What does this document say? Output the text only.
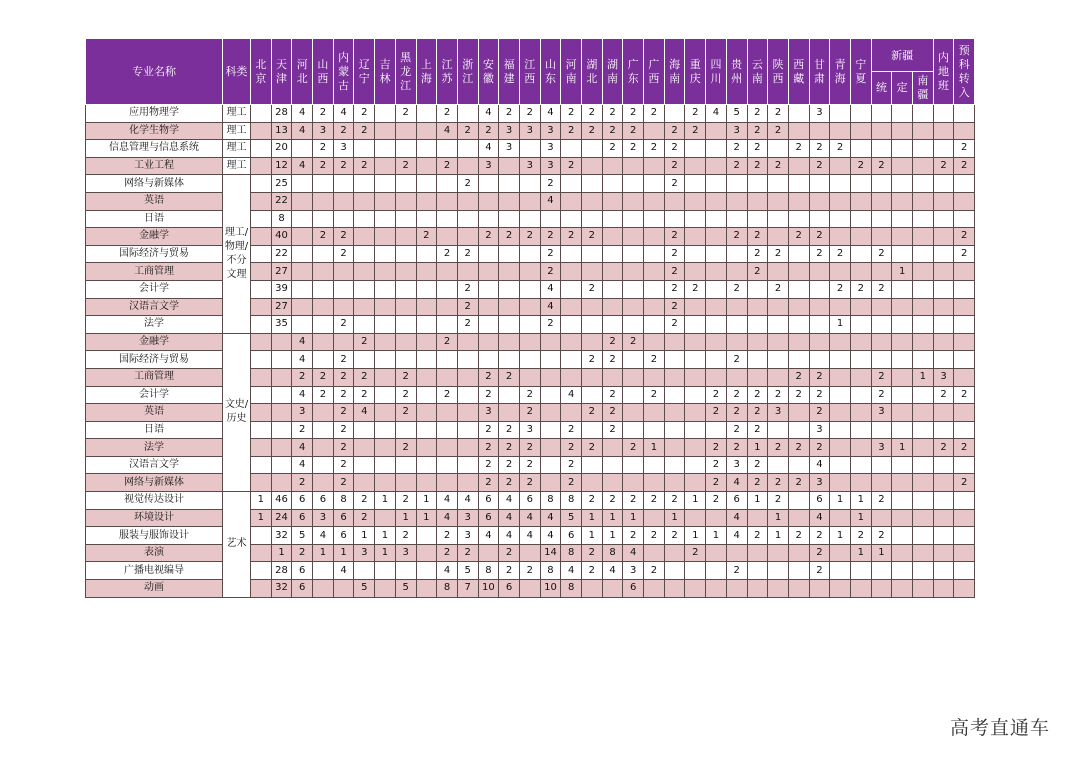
专业名称	科类	北京	天津	河北	山西	内蒙古	辽宁	吉林	黑龙江	上海	江苏	浙江	安徽	福建	江西	山东	河南	湖北	湖南	广东	广西	海南	重庆	四川	贵州	云南	陕西	西藏	甘肃	青海	宁夏	新疆			内地班	预科转入
																																统	定	南疆		
应用物理学	理工		28	4	2	4	2		2		2		4	2	2	4	2	2	2	2	2		2	4	5	2	2		3							
化学生物学	理工		13	4	3	2	2				4	2	2	3	3	3	2	2	2	2		2	2		3	2	2									
信息管理与信息系统	理工		20		2	3							4	3		3			2	2	2	2			2	2		2	2	2						2
工业工程	理工		12	4	2	2	2		2		2		3		3	3	2					2			2	2	2		2		2	2			2	2
网络与新媒体	理工/物理/不分文理		25									2				2						2														
英语			22													4																				
日语			8																																	
金融学			40		2	2				2			2	2	2	2	2	2				2			2	2		2	2							2
国际经济与贸易			22			2					2	2				2						2				2	2		2	2		2				2
工商管理			27													2						2				2							1			
会计学			39									2				4		2				2	2		2		2			2	2	2				
汉语言文学			27									2				4						2														
法学			35			2						2				2						2								1						
金融学	文史/历史			4			2				2								2	2																
国际经济与贸易				4		2												2	2		2				2											
工商管理				2	2	2	2		2				2	2														2	2			2		1	3	
会计学				4	2	2	2		2		2		2		2		4		2		2			2	2	2	2	2	2			2			2	2
英语				3		2	4		2				3		2			2	2					2	2	2	3		2			3				
日语				2		2							2	2	3		2		2						2	2			3							
法学				4		2			2				2	2	2		2	2		2	1			2	2	1	2	2	2			3	1		2	2
汉语言文学				4		2							2	2	2		2							2	3	2			4							
网络与新媒体				2		2							2	2	2		2							2	4	2	2	2	3							2
视觉传达设计	艺术	1	46	6	6	8	2	1	2	1	4	4	6	4	6	8	8	2	2	2	2	2	1	2	6	1	2		6	1	1	2				
环境设计		1	24	6	3	6	2		1	1	4	3	6	4	4	4	5	1	1	1		1			4		1		4		1					
服装与服饰设计			32	5	4	6	1	1	2		2	3	4	4	4	4	6	1	1	2	2	2	1	1	4	2	1	2	2	1	2	2				
表演			1	2	1	1	3	1	3		2	2		2		14	8	2	8	4			2						2		1	1				
广播电视编导			28	6		4					4	5	8	2	2	8	4	2	4	3	2				2				2							
动画			32	6			5		5		8	7	10	6		10	8			6																
高考直通车
